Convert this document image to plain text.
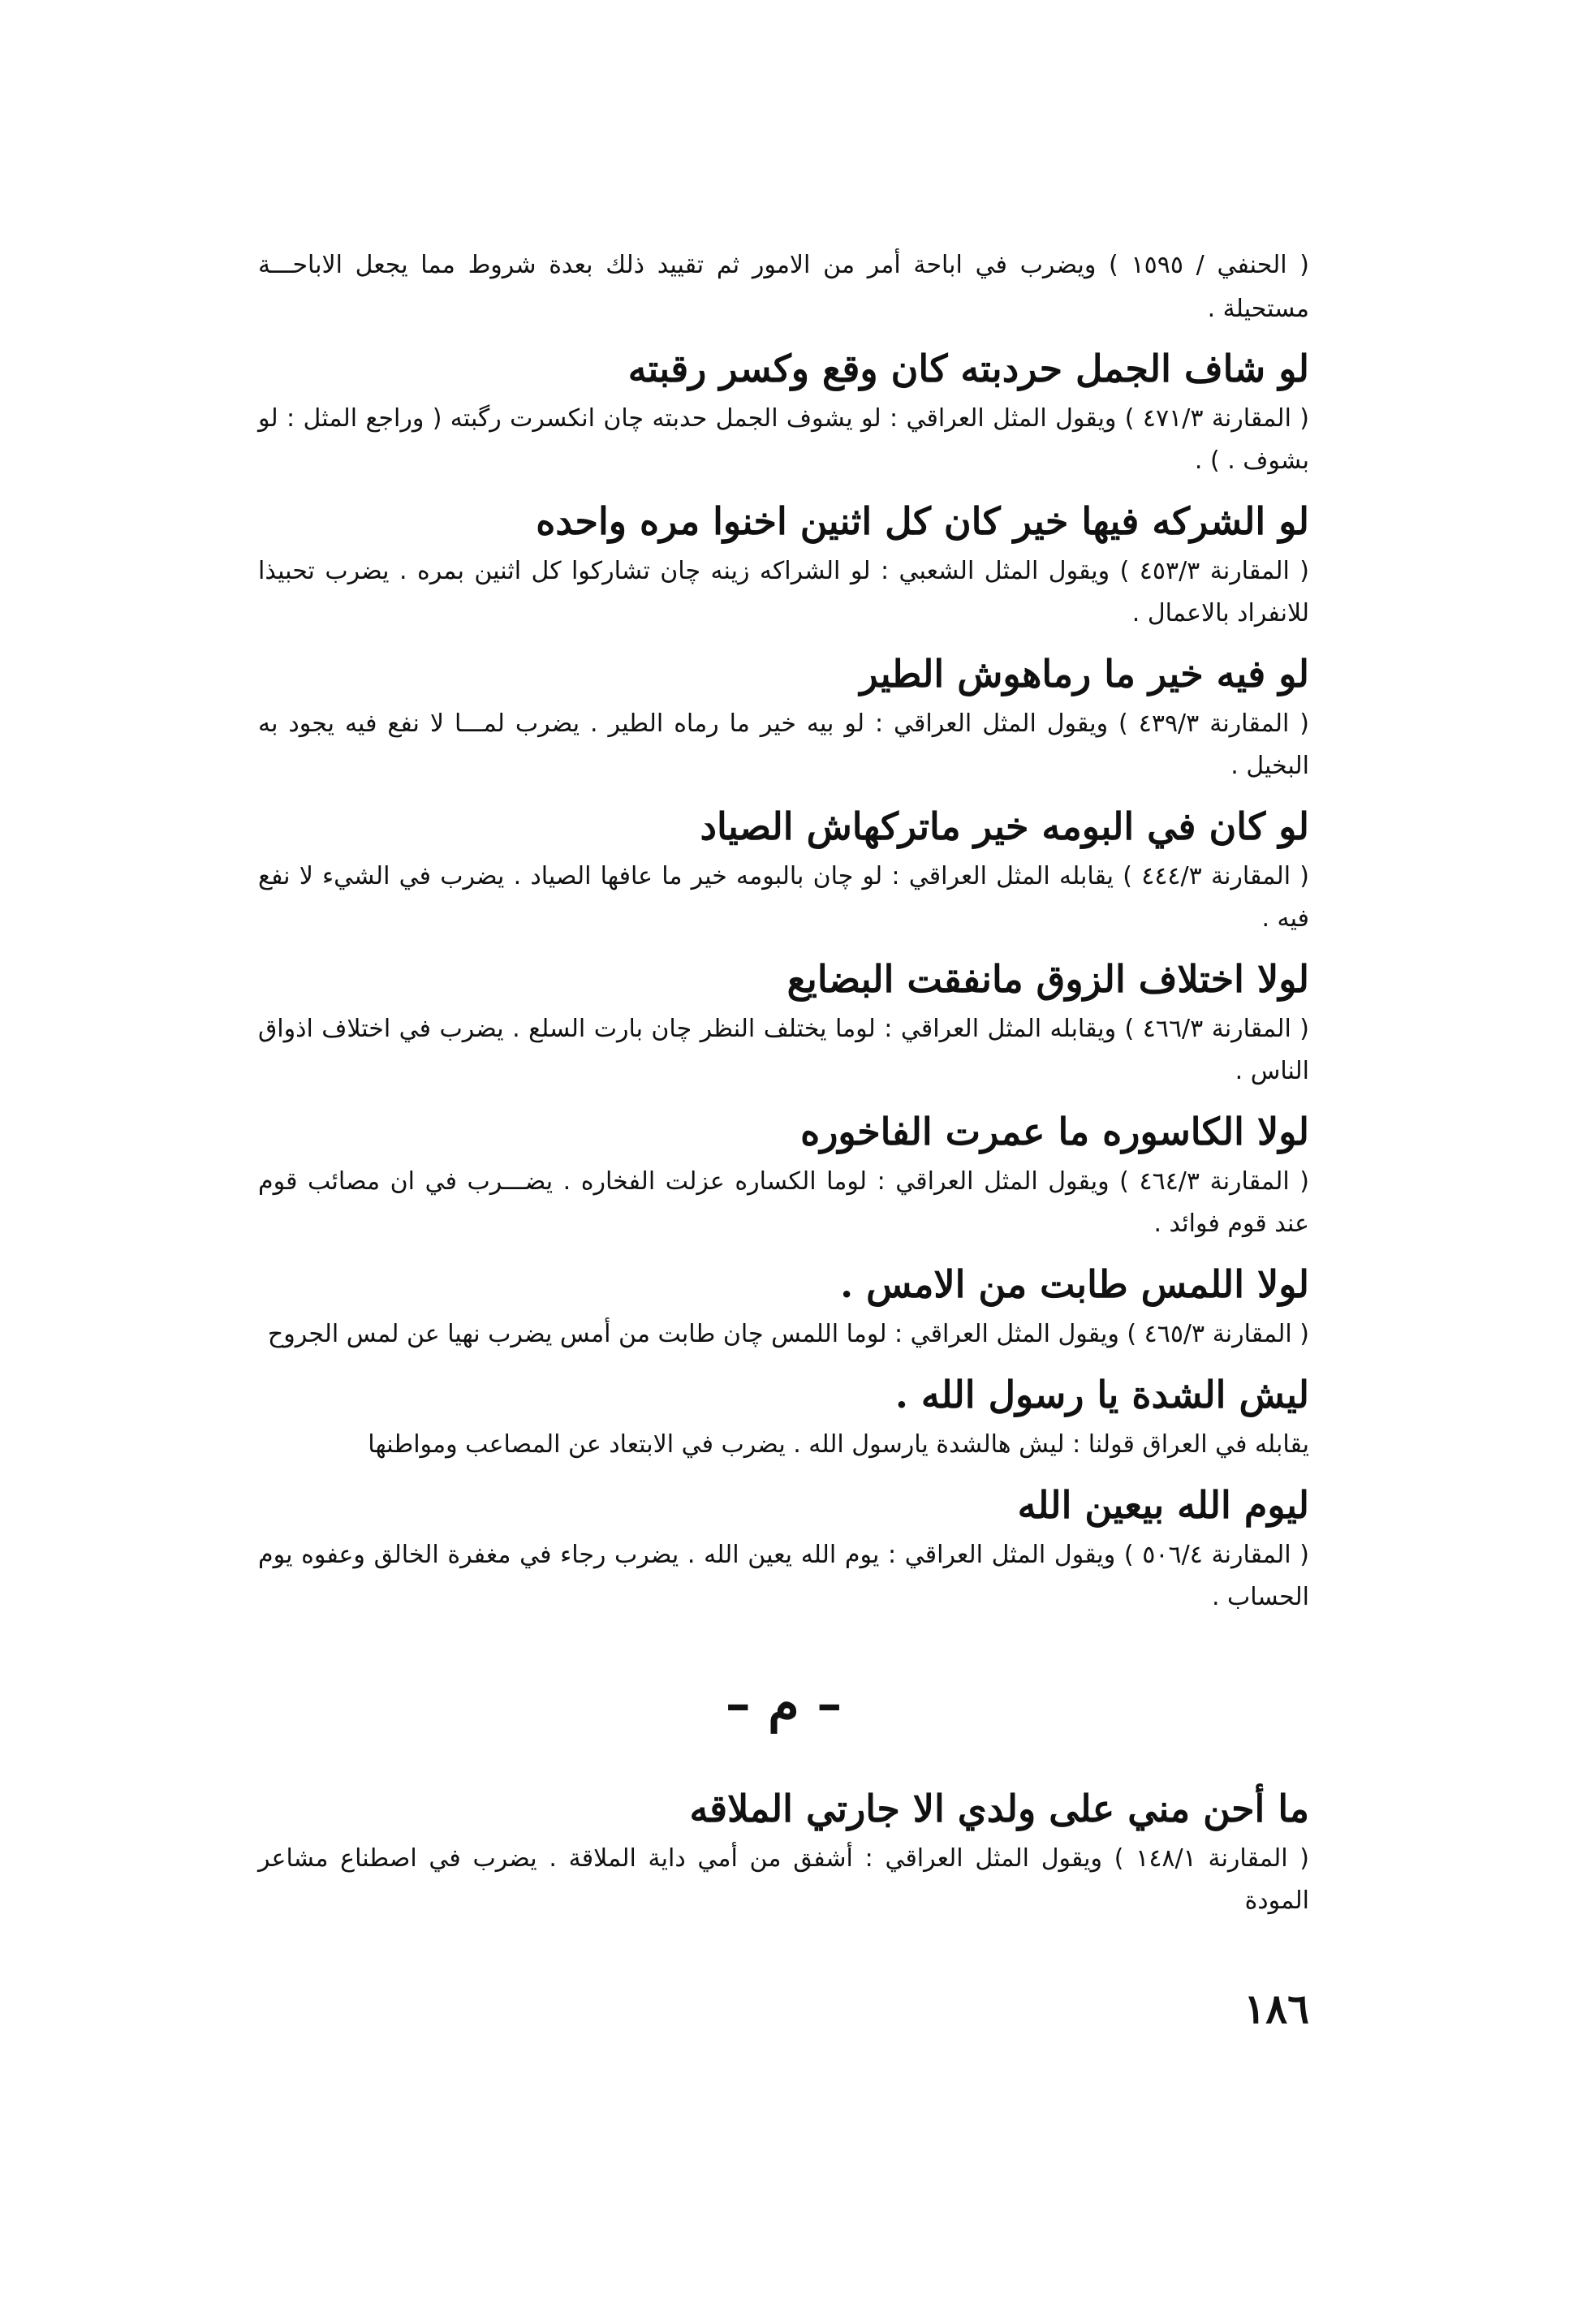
( الحنفي / ١٥٩٥ ) ويضرب في اباحة أمر من الامور ثم تقييد ذلك بعدة شروط مما يجعل الاباحـــة مستحيلة .

لو شاف الجمل حردبته كان وقع وكسر رقبته

( المقارنة ٤٧١/٣ ) ويقول المثل العراقي : لو يشوف الجمل حدبته چان انكسرت رگبته ( وراجع المثل : لو بشوف . ) .

لو الشركه فيها خير كان كل اثنين اخنوا مره واحده

( المقارنة ٤٥٣/٣ ) ويقول المثل الشعبي : لو الشراكه زينه چان تشاركوا كل اثنين بمره . يضرب تحبيذا للانفراد بالاعمال .

لو فيه خير ما رماهوش الطير

( المقارنة ٤٣٩/٣ ) ويقول المثل العراقي : لو بيه خير ما رماه الطير . يضرب لمـــا لا نفع فيه يجود به البخيل .

لو كان في البومه خير ماتركهاش الصياد

( المقارنة ٤٤٤/٣ ) يقابله المثل العراقي : لو چان بالبومه خير ما عافها الصياد . يضرب في الشيء لا نفع فيه .

لولا اختلاف الزوق مانفقت البضايع

( المقارنة ٤٦٦/٣ ) ويقابله المثل العراقي : لوما يختلف النظر چان بارت السلع . يضرب في اختلاف اذواق الناس .

لولا الكاسوره ما عمرت الفاخوره

( المقارنة ٤٦٤/٣ ) ويقول المثل العراقي : لوما الكساره عزلت الفخاره . يضـــرب في ان مصائب قوم عند قوم فوائد .

لولا اللمس طابت من الامس .

( المقارنة ٤٦٥/٣ ) ويقول المثل العراقي : لوما اللمس چان طابت من أمس يضرب نهيا عن لمس الجروح

ليش الشدة يا رسول الله .

يقابله في العراق قولنا : ليش هالشدة يارسول الله . يضرب في الابتعاد عن المصاعب ومواطنها

ليوم الله بيعين الله

( المقارنة ٥٠٦/٤ ) ويقول المثل العراقي : يوم الله يعين الله . يضرب رجاء في مغفرة الخالق وعفوه يوم الحساب .

– م –
ما أحن مني على ولدي الا جارتي الملاقه

( المقارنة ١٤٨/١ ) ويقول المثل العراقي : أشفق من أمي داية الملاقة . يضرب في اصطناع مشاعر المودة

١٨٦
